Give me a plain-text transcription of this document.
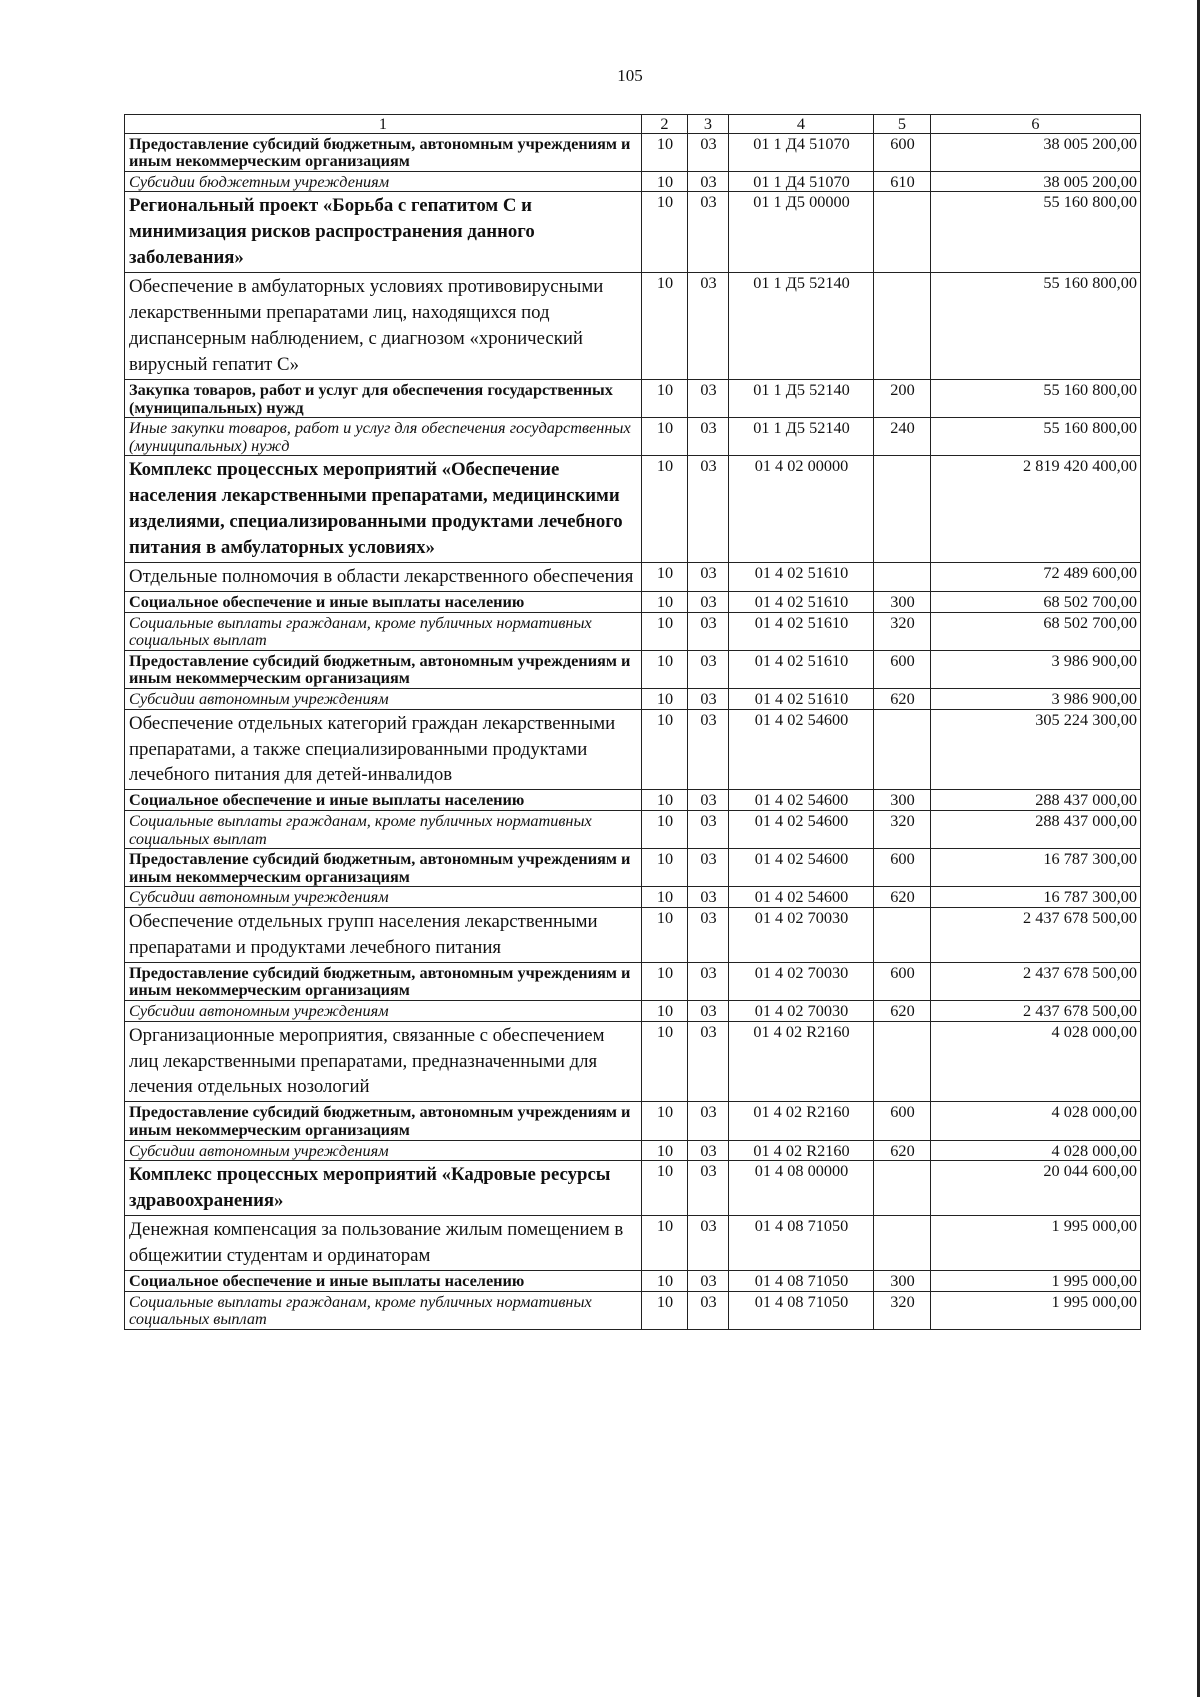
105
1	2	3	4	5	6
Предоставление субсидий бюджетным, автономным учреждениям и иным некоммерческим организациям	10	03	01 1 Д4 51070	600	38 005 200,00
Субсидии бюджетным учреждениям	10	03	01 1 Д4 51070	610	38 005 200,00
Региональный проект «Борьба с гепатитом С и минимизация рисков распространения данного заболевания»	10	03	01 1 Д5 00000		55 160 800,00
Обеспечение в амбулаторных условиях противовирусными лекарственными препаратами лиц, находящихся под диспансерным наблюдением, с диагнозом «хронический вирусный гепатит С»	10	03	01 1 Д5 52140		55 160 800,00
Закупка товаров, работ и услуг для обеспечения государственных (муниципальных) нужд	10	03	01 1 Д5 52140	200	55 160 800,00
Иные закупки товаров, работ и услуг для обеспечения государственных (муниципальных) нужд	10	03	01 1 Д5 52140	240	55 160 800,00
Комплекс процессных мероприятий «Обеспечение населения лекарственными препаратами, медицинскими изделиями, специализированными продуктами лечебного питания в амбулаторных условиях»	10	03	01 4 02 00000		2 819 420 400,00
Отдельные полномочия в области лекарственного обеспечения	10	03	01 4 02 51610		72 489 600,00
Социальное обеспечение и иные выплаты населению	10	03	01 4 02 51610	300	68 502 700,00
Социальные выплаты гражданам, кроме публичных нормативных социальных выплат	10	03	01 4 02 51610	320	68 502 700,00
Предоставление субсидий бюджетным, автономным учреждениям и иным некоммерческим организациям	10	03	01 4 02 51610	600	3 986 900,00
Субсидии автономным учреждениям	10	03	01 4 02 51610	620	3 986 900,00
Обеспечение отдельных категорий граждан лекарственными препаратами, а также специализированными продуктами лечебного питания для детей-инвалидов	10	03	01 4 02 54600		305 224 300,00
Социальное обеспечение и иные выплаты населению	10	03	01 4 02 54600	300	288 437 000,00
Социальные выплаты гражданам, кроме публичных нормативных социальных выплат	10	03	01 4 02 54600	320	288 437 000,00
Предоставление субсидий бюджетным, автономным учреждениям и иным некоммерческим организациям	10	03	01 4 02 54600	600	16 787 300,00
Субсидии автономным учреждениям	10	03	01 4 02 54600	620	16 787 300,00
Обеспечение отдельных групп населения лекарственными препаратами и продуктами лечебного питания	10	03	01 4 02 70030		2 437 678 500,00
Предоставление субсидий бюджетным, автономным учреждениям и иным некоммерческим организациям	10	03	01 4 02 70030	600	2 437 678 500,00
Субсидии автономным учреждениям	10	03	01 4 02 70030	620	2 437 678 500,00
Организационные мероприятия, связанные с обеспечением лиц лекарственными препаратами, предназначенными для лечения отдельных нозологий	10	03	01 4 02 R2160		4 028 000,00
Предоставление субсидий бюджетным, автономным учреждениям и иным некоммерческим организациям	10	03	01 4 02 R2160	600	4 028 000,00
Субсидии автономным учреждениям	10	03	01 4 02 R2160	620	4 028 000,00
Комплекс процессных мероприятий «Кадровые ресурсы здравоохранения»	10	03	01 4 08 00000		20 044 600,00
Денежная компенсация за пользование жилым помещением в общежитии студентам и ординаторам	10	03	01 4 08 71050		1 995 000,00
Социальное обеспечение и иные выплаты населению	10	03	01 4 08 71050	300	1 995 000,00
Социальные выплаты гражданам, кроме публичных нормативных социальных выплат	10	03	01 4 08 71050	320	1 995 000,00
